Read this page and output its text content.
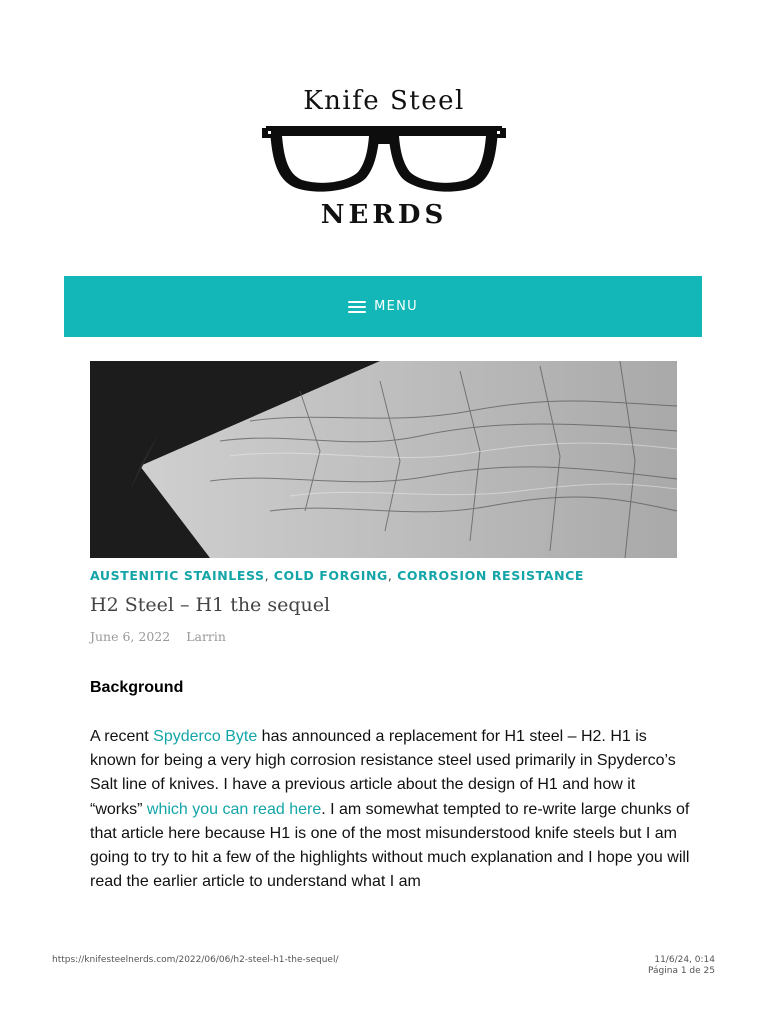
Knife Steel
NERDS
MENU
AUSTENITIC STAINLESS, COLD FORGING, CORROSION RESISTANCE
H2 Steel – H1 the sequel
June 6, 2022 Larrin
Background

A recent Spyderco Byte has announced a replacement for H1 steel – H2. H1 is known for being a very high corrosion resistance steel used primarily in Spyderco’s Salt line of knives. I have a previous article about the design of H1 and how it “works” which you can read here. I am somewhat tempted to re-write large chunks of that article here because H1 is one of the most misunderstood knife steels but I am going to try to hit a few of the highlights without much explanation and I hope you will read the earlier article to understand what I am

https://knifesteelnerds.com/2022/06/06/h2-steel-h1-the-sequel/	11/6/24, 0:14
Página 1 de 25
